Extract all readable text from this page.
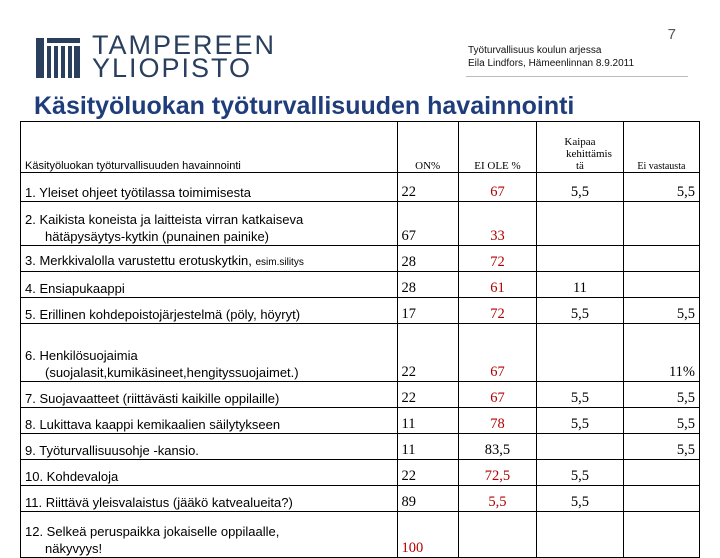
TAMPEREEN
YLIOPISTO
7
Työturvallisuus koulun arjessa
Eila Lindfors, Hämeenlinnan 8.9.2011
Käsityöluokan työturvallisuuden havainnointi
Käsityöluokan työturvallisuuden havainnointi	ON%	EI OLE %	Kaipaa
kehittämis
tä	Ei vastausta
1. Yleiset ohjeet työtilassa toimimisesta	22	67	5,5	5,5
2. Kaikista koneista ja laitteista virran katkaiseva
hätäpysäytys-kytkin (punainen painike)	67	33		
3. Merkkivalolla varustettu erotuskytkin, esim.silitys	28	72		
4. Ensiapukaappi	28	61	11	
5. Erillinen kohdepoistojärjestelmä (pöly, höyryt)	17	72	5,5	5,5
6. Henkilösuojaimia
(suojalasit,kumikäsineet,hengityssuojaimet.)	22	67		11%
7. Suojavaatteet (riittävästi kaikille oppilaille)	22	67	5,5	5,5
8. Lukittava kaappi kemikaalien säilytykseen	11	78	5,5	5,5
9. Työturvallisuusohje -kansio.	11	83,5		5,5
10. Kohdevaloja	22	72,5	5,5	
11. Riittävä yleisvalaistus (jääkö katvealueita?)	89	5,5	5,5	
12. Selkeä peruspaikka jokaiselle oppilaalle,
näkyvyys!	100			
